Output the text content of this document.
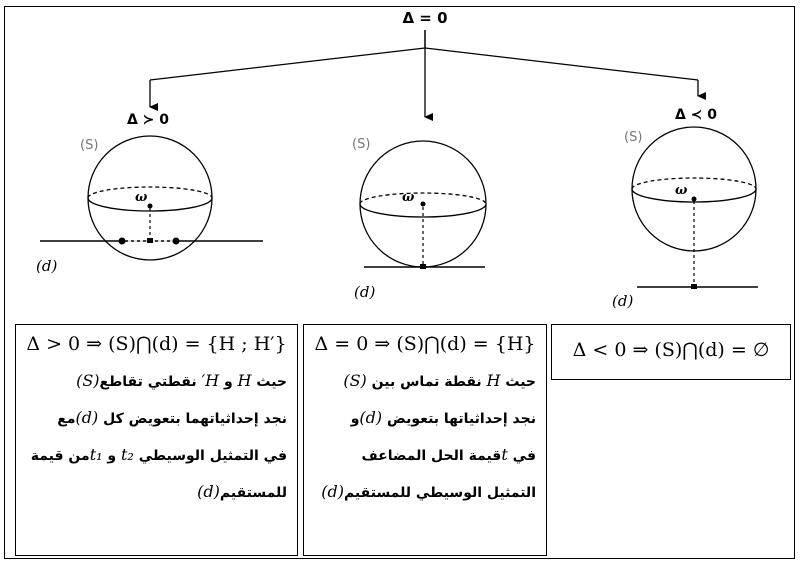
Δ = 0
Δ ≻ 0
(S)
ω
(d)
(S)
ω
(d)
Δ ≺ 0
(S)
ω
(d)
Δ > 0 ⇒ (S)⋂(d) = {H ; H′}
حيث H و H′ نقطتي تقاطع(S)
نجد إحداثياتهما بتعويض كل (d)مع
في التمثيل الوسيطي t₂ و t₁من قيمة
للمستقيم(d)
Δ = 0 ⇒ (S)⋂(d) = {H}
حيث H نقطة تماس بين (S)
نجد إحداثياتها بتعويض (d)و
في tقيمة الحل المضاعف
التمثيل الوسيطي للمستقيم(d)
Δ < 0 ⇒ (S)⋂(d) = ∅
